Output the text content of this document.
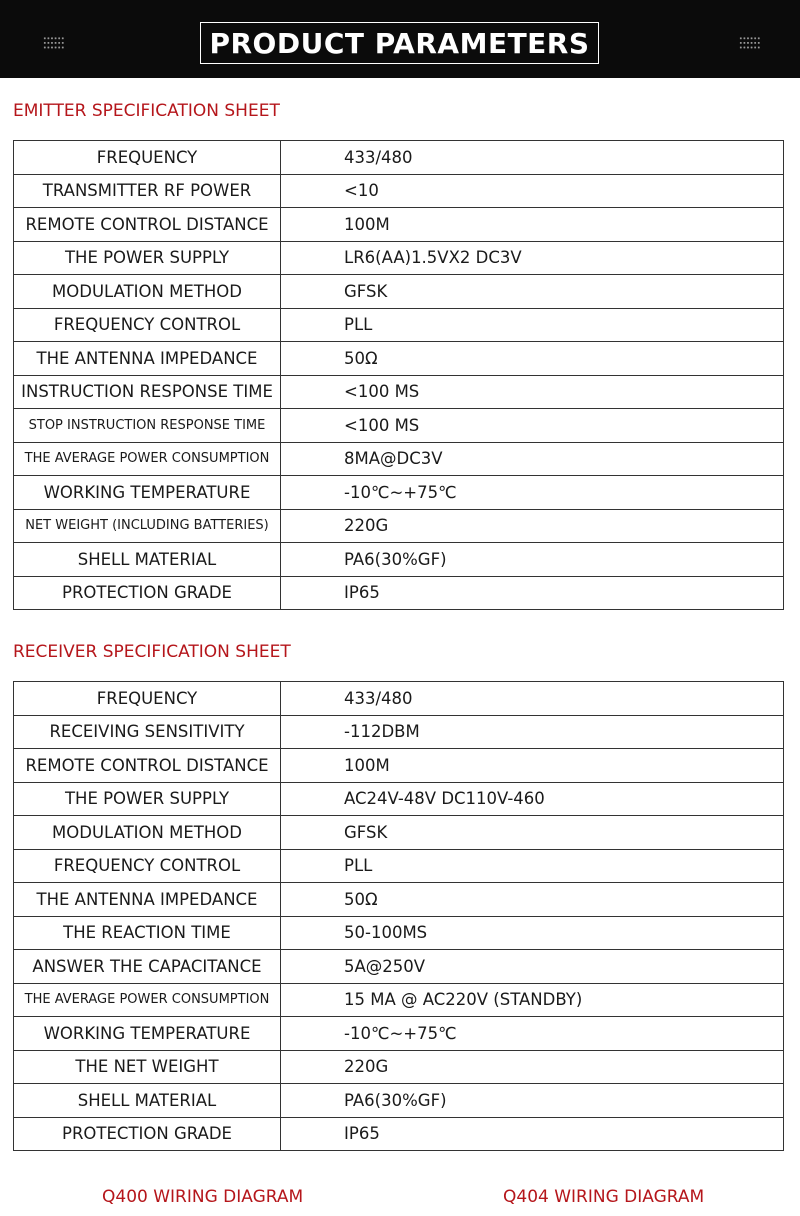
PRODUCT PARAMETERS
EMITTER SPECIFICATION SHEET
FREQUENCY	433/480
TRANSMITTER RF POWER	<10
REMOTE CONTROL DISTANCE	100M
THE POWER SUPPLY	LR6(AA)1.5VX2 DC3V
MODULATION METHOD	GFSK
FREQUENCY CONTROL	PLL
THE ANTENNA IMPEDANCE	50Ω
INSTRUCTION RESPONSE TIME	<100 MS
STOP INSTRUCTION RESPONSE TIME	<100 MS
THE AVERAGE POWER CONSUMPTION	8MA@DC3V
WORKING TEMPERATURE	-10℃~+75℃
NET WEIGHT (INCLUDING BATTERIES)	220G
SHELL MATERIAL	PA6(30%GF)
PROTECTION GRADE	IP65
RECEIVER SPECIFICATION SHEET
FREQUENCY	433/480
RECEIVING SENSITIVITY	-112DBM
REMOTE CONTROL DISTANCE	100M
THE POWER SUPPLY	AC24V-48V DC110V-460
MODULATION METHOD	GFSK
FREQUENCY CONTROL	PLL
THE ANTENNA IMPEDANCE	50Ω
THE REACTION TIME	50-100MS
ANSWER THE CAPACITANCE	5A@250V
THE AVERAGE POWER CONSUMPTION	15 MA @ AC220V (STANDBY)
WORKING TEMPERATURE	-10℃~+75℃
THE NET WEIGHT	220G
SHELL MATERIAL	PA6(30%GF)
PROTECTION GRADE	IP65
Q400 WIRING DIAGRAM	Q404 WIRING DIAGRAM
